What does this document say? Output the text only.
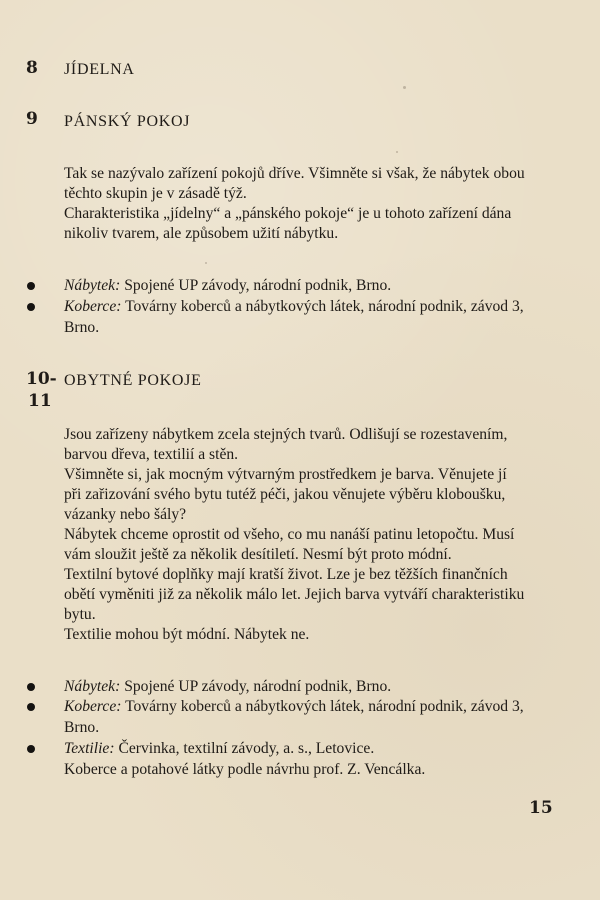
8 JÍDELNA
9 PÁNSKÝ POKOJ
Tak se nazývalo zařízení pokojů dříve. Všimněte si však, že nábytek obou
těchto skupin je v zásadě týž.
Charakteristika „jídelny“ a „pánského pokoje“ je u tohoto zařízení dána
nikoliv tvarem, ale způsobem užití nábytku.
Nábytek: Spojené UP závody, národní podnik, Brno.
Koberce: Továrny koberců a nábytkových látek, národní podnik, závod 3,
Brno.
10-
11
OBYTNÉ POKOJE
Jsou zařízeny nábytkem zcela stejných tvarů. Odlišují se rozestavením,
barvou dřeva, textilií a stěn.
Všimněte si, jak mocným výtvarným prostředkem je barva. Věnujete jí
při zařizování svého bytu tutéž péči, jakou věnujete výběru kloboušku,
vázanky nebo šály?
Nábytek chceme oprostit od všeho, co mu nanáší patinu letopočtu. Musí
vám sloužit ještě za několik desítiletí. Nesmí být proto módní.
Textilní bytové doplňky mají kratší život. Lze je bez těžších finančních
obětí vyměniti již za několik málo let. Jejich barva vytváří charakteristiku
bytu.
Textilie mohou být módní. Nábytek ne.
Nábytek: Spojené UP závody, národní podnik, Brno.
Koberce: Továrny koberců a nábytkových látek, národní podnik, závod 3,
Brno.
Textilie: Červinka, textilní závody, a. s., Letovice.
Koberce a potahové látky podle návrhu prof. Z. Vencálka.
15
